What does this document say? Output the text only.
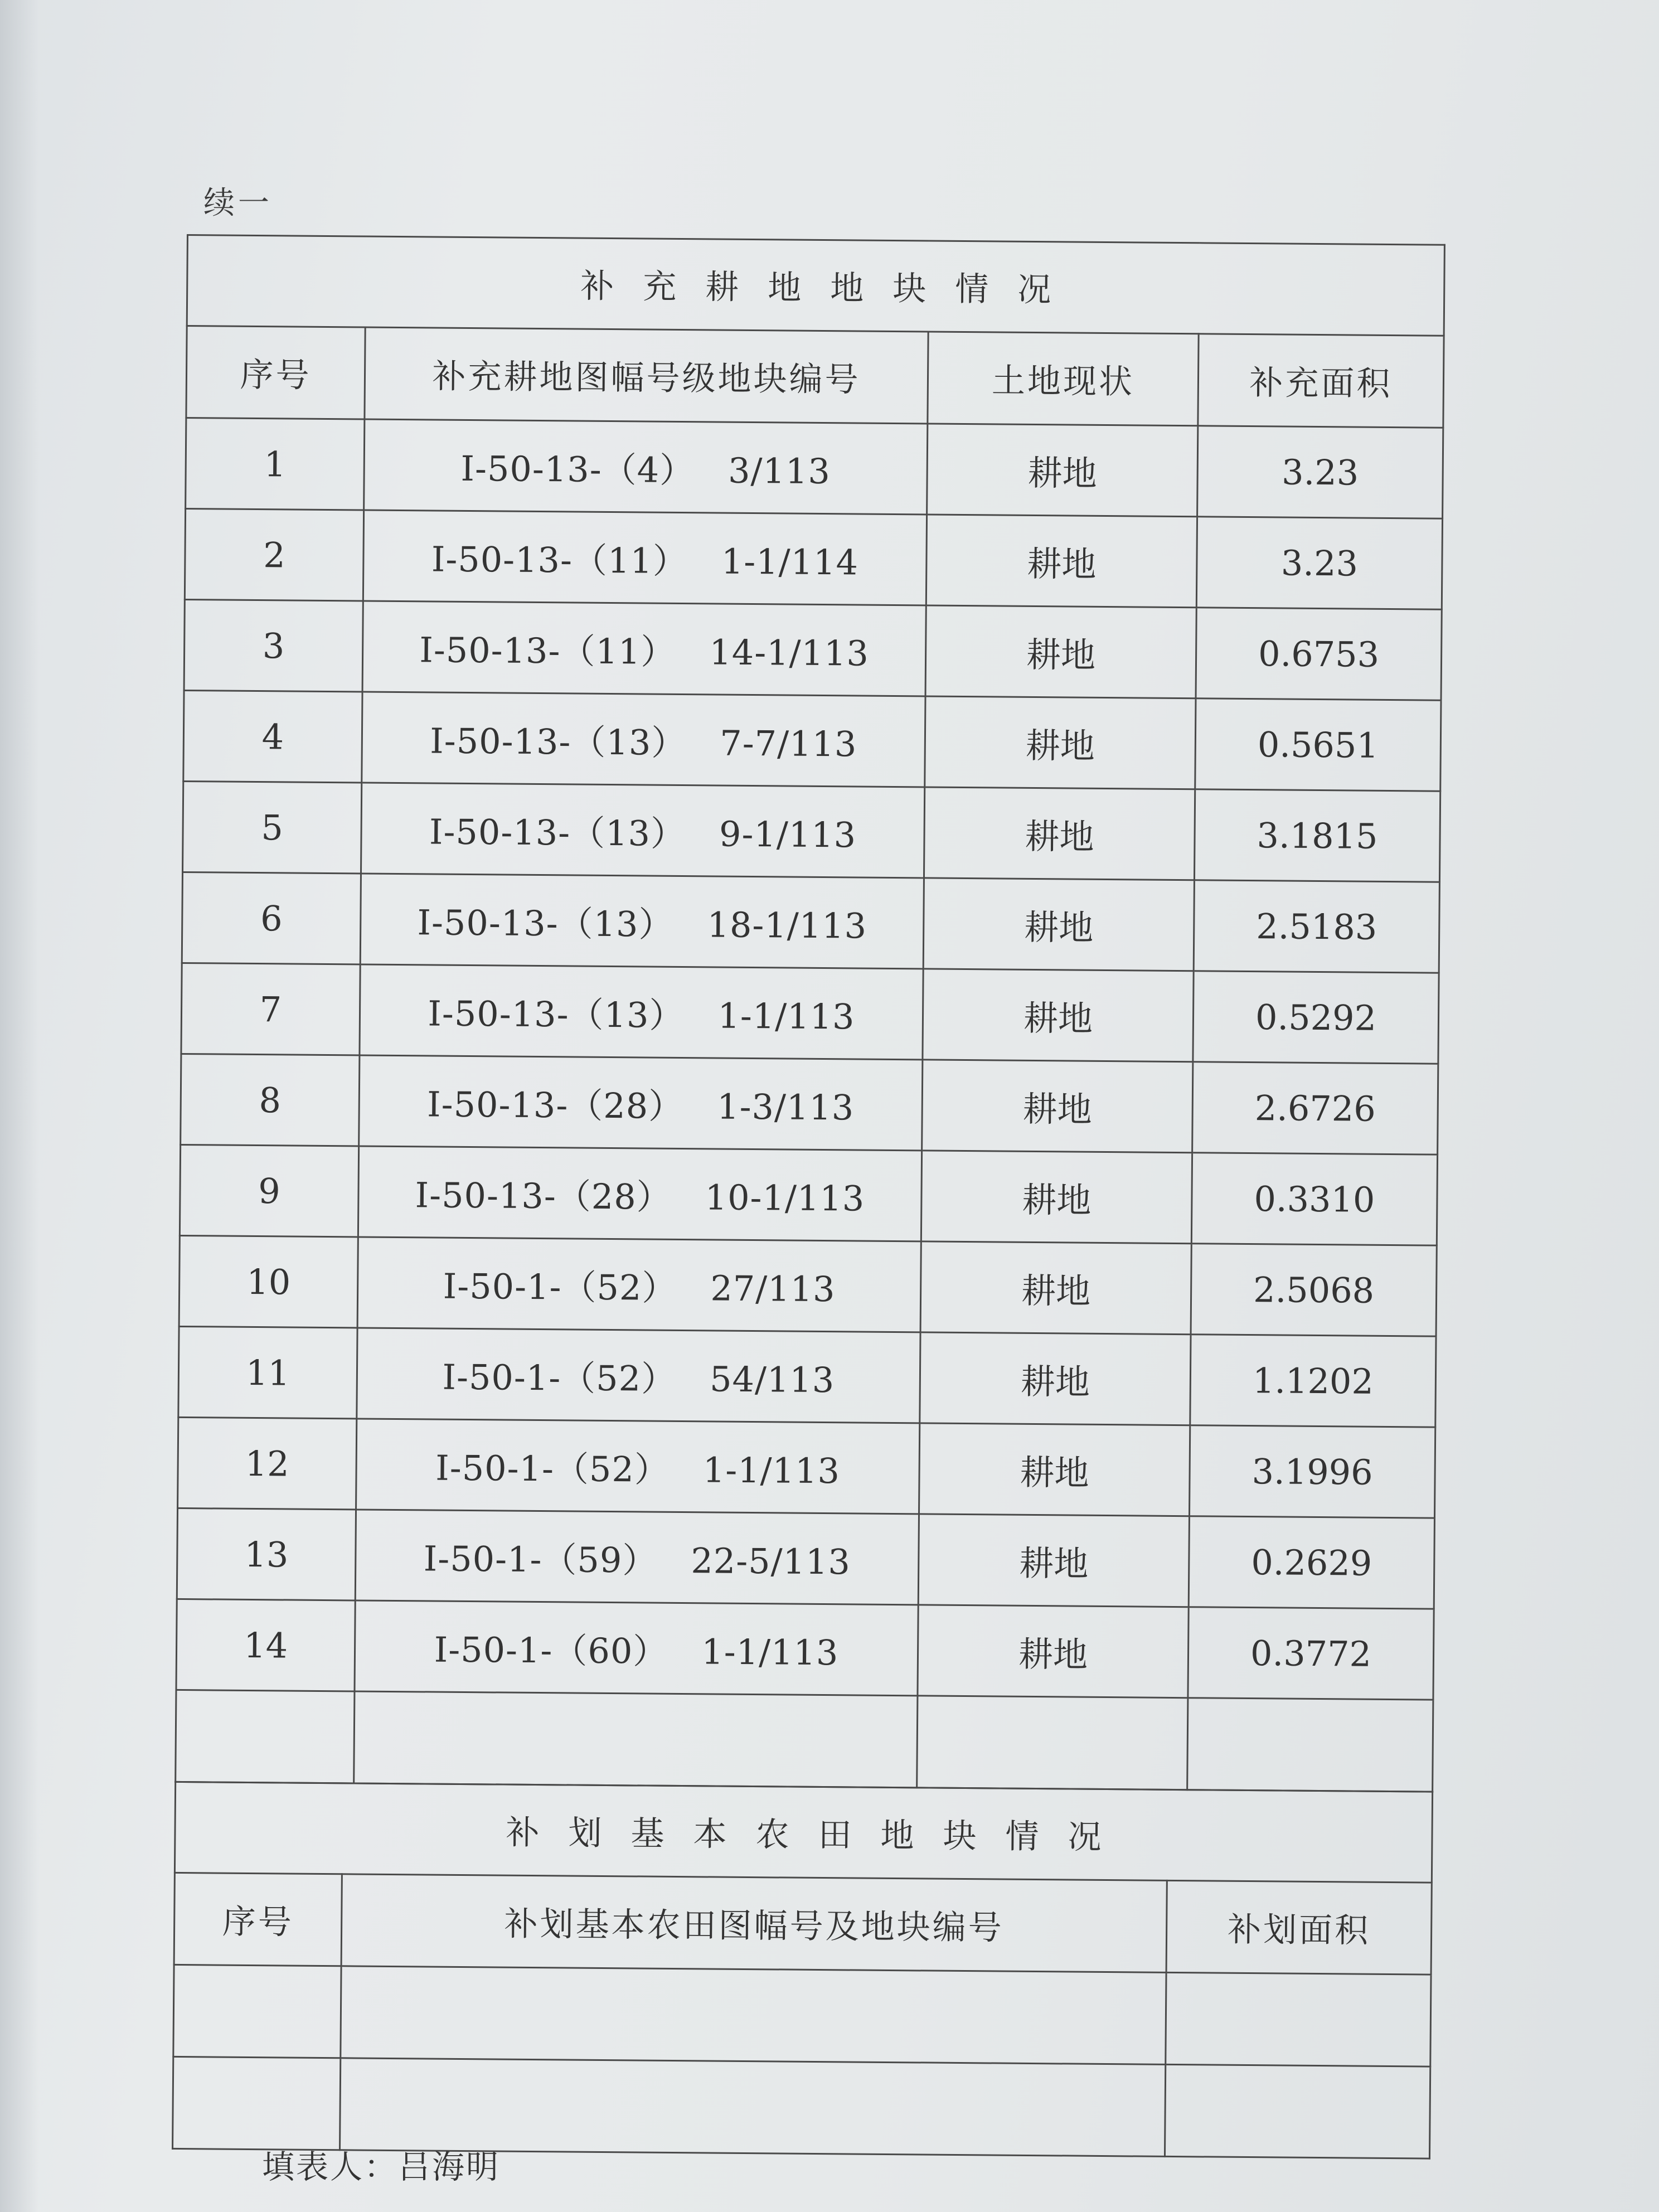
续一
补充耕地地块情况			
序号	补充耕地图幅号级地块编号	土地现状	补充面积
1	I-50-13-（4） 3/113	耕地	3.23
2	I-50-13-（11） 1-1/114	耕地	3.23
3	I-50-13-（11） 14-1/113	耕地	0.6753
4	I-50-13-（13） 7-7/113	耕地	0.5651
5	I-50-13-（13） 9-1/113	耕地	3.1815
6	I-50-13-（13） 18-1/113	耕地	2.5183
7	I-50-13-（13） 1-1/113	耕地	0.5292
8	I-50-13-（28） 1-3/113	耕地	2.6726
9	I-50-13-（28） 10-1/113	耕地	0.3310
10	I-50-1-（52） 27/113	耕地	2.5068
11	I-50-1-（52） 54/113	耕地	1.1202
12	I-50-1-（52） 1-1/113	耕地	3.1996
13	I-50-1-（59） 22-5/113	耕地	0.2629
14	I-50-1-（60） 1-1/113	耕地	0.3772

补划基本农田地块情况		
序号	补划基本农田图幅号及地块编号	补划面积

填表人：吕海明
